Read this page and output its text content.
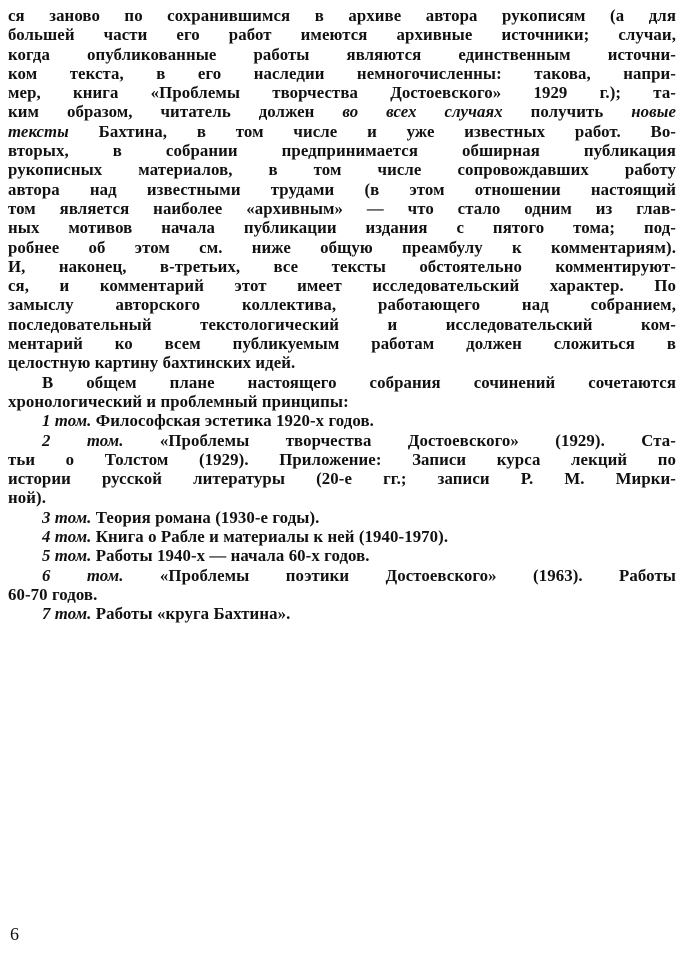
ся заново по сохранившимся в архиве автора рукописям (а для
большей части его работ имеются архивные источники; случаи,
когда опубликованные работы являются единственным источни-
ком текста, в его наследии немногочисленны: такова, напри-
мер, книга «Проблемы творчества Достоевского» 1929 г.); та-
ким образом, читатель должен во всех случаях получить новые
тексты Бахтина, в том числе и уже известных работ. Во-
вторых, в собрании предпринимается обширная публикация
рукописных материалов, в том числе сопровождавших работу
автора над известными трудами (в этом отношении настоящий
том является наиболее «архивным» — что стало одним из глав-
ных мотивов начала публикации издания с пятого тома; под-
робнее об этом см. ниже общую преамбулу к комментариям).
И, наконец, в-третьих, все тексты обстоятельно комментируют-
ся, и комментарий этот имеет исследовательский характер. По
замыслу авторского коллектива, работающего над собранием,
последовательный текстологический и исследовательский ком-
ментарий ко всем публикуемым работам должен сложиться в
целостную картину бахтинских идей.
В общем плане настоящего собрания сочинений сочетаются
хронологический и проблемный принципы:
1 том. Философская эстетика 1920-х годов.
2 том. «Проблемы творчества Достоевского» (1929). Ста-
тьи о Толстом (1929). Приложение: Записи курса лекций по
истории русской литературы (20-е гг.; записи Р. М. Мирки-
ной).
3 том. Теория романа (1930-е годы).
4 том. Книга о Рабле и материалы к ней (1940-1970).
5 том. Работы 1940-х — начала 60-х годов.
6 том. «Проблемы поэтики Достоевского» (1963). Работы
60-70 годов.
7 том. Работы «круга Бахтина».
6
